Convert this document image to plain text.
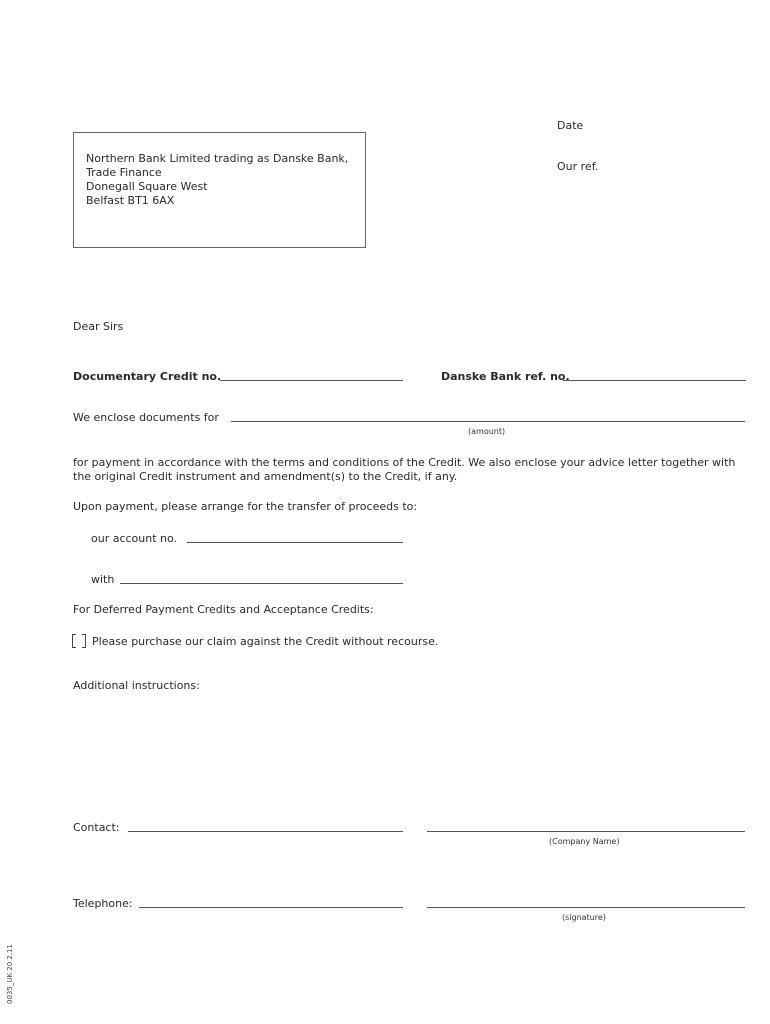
Date
Our ref.
Northern Bank Limited trading as Danske Bank,
Trade Finance
Donegall Square West
Belfast BT1 6AX
Dear Sirs
Documentary Credit no.	Danske Bank ref. no.
We enclose documents for
(amount)
for payment in accordance with the terms and conditions of the Credit. We also enclose your advice letter together with the original Credit instrument and amendment(s) to the Credit, if any.
Upon payment, please arrange for the transfer of proceeds to:
our account no.
with
For Deferred Payment Credits and Acceptance Credits:
Please purchase our claim against the Credit without recourse.
Additional instructions:
Contact:
(Company Name)
Telephone:
(signature)
0035_UK 20 2.11
